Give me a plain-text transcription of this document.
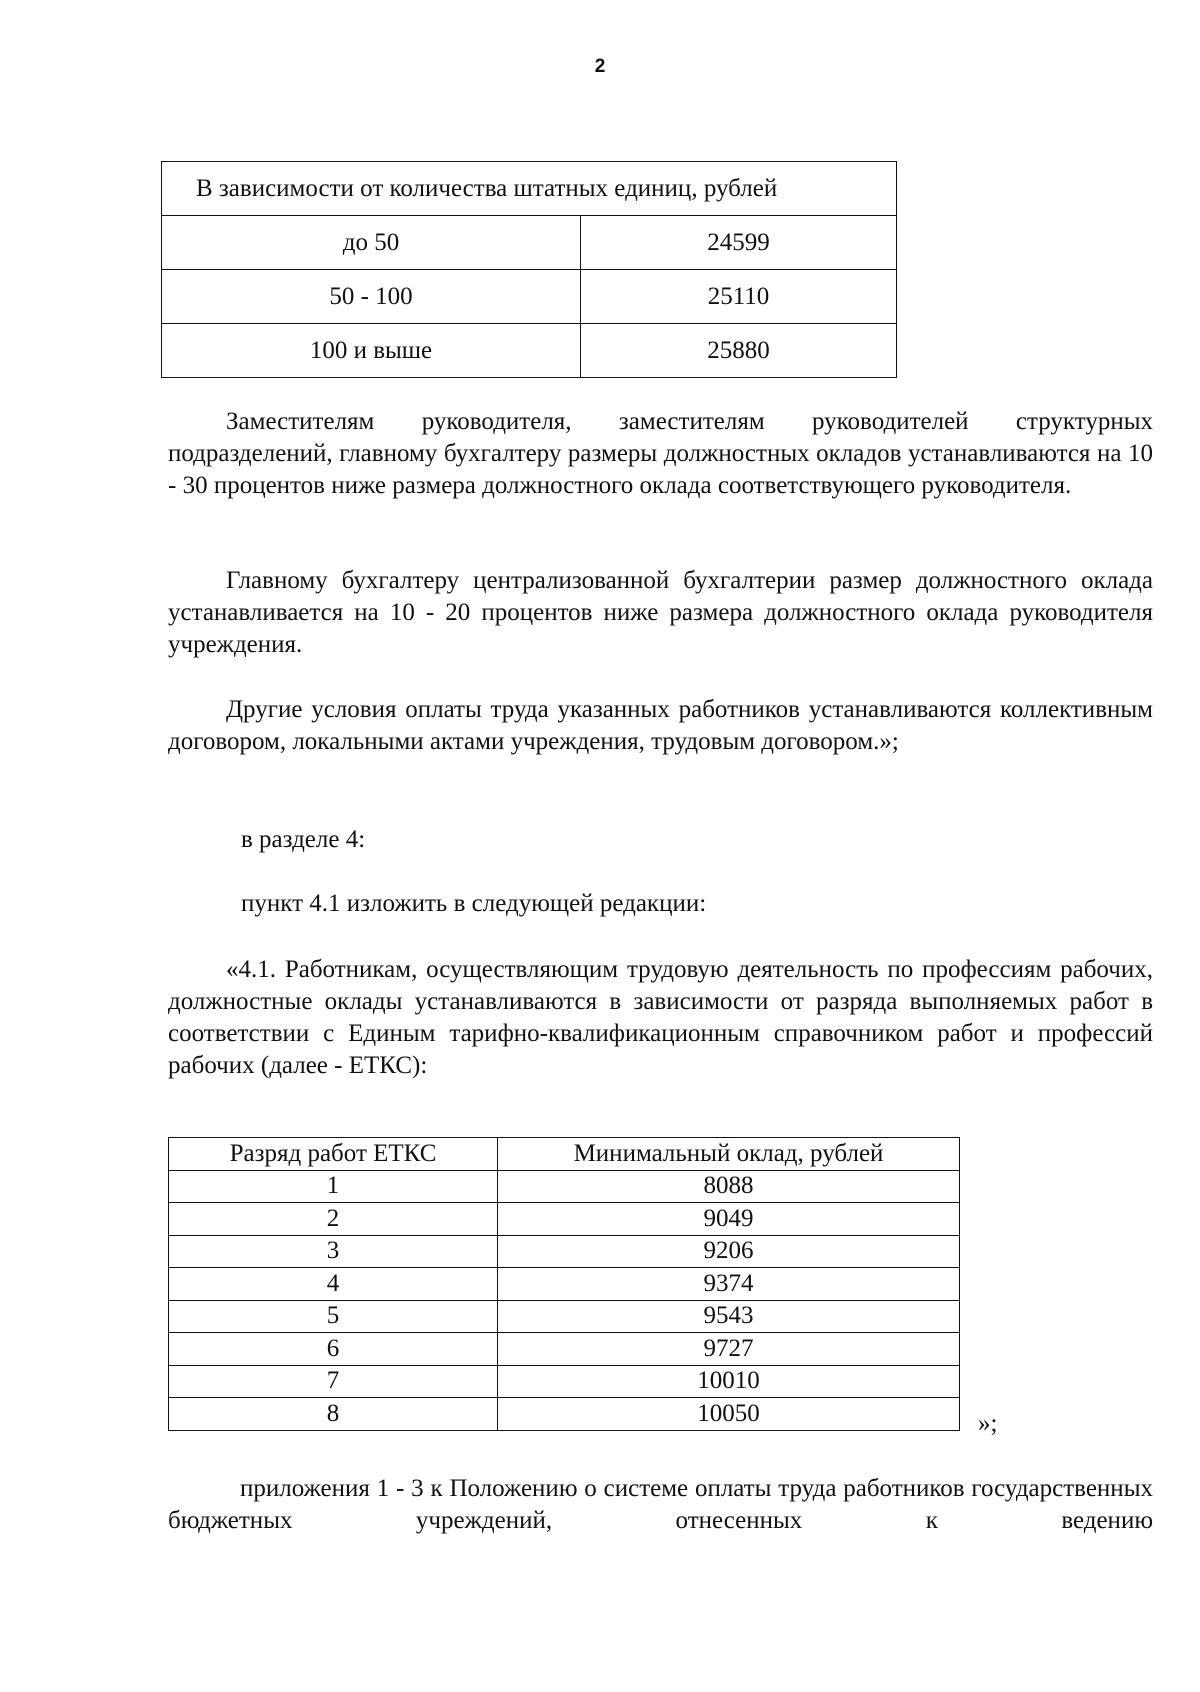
2
В зависимости от количества штатных единиц, рублей	
до 50	24599
50 - 100	25110
100 и выше	25880
Заместителям руководителя, заместителям руководителей структурных подразделений, главному бухгалтеру размеры должностных окладов устанавливаются на 10 - 30 процентов ниже размера должностного оклада соответствующего руководителя.
Главному бухгалтеру централизованной бухгалтерии размер должностного оклада устанавливается на 10 - 20 процентов ниже размера должностного оклада руководителя учреждения.
Другие условия оплаты труда указанных работников устанавливаются коллективным договором, локальными актами учреждения, трудовым договором.»;
в разделе 4:
пункт 4.1 изложить в следующей редакции:
«4.1. Работникам, осуществляющим трудовую деятельность по профессиям рабочих, должностные оклады устанавливаются в зависимости от разряда выполняемых работ в соответствии с Единым тарифно-квалификационным справочником работ и профессий рабочих (далее - ЕТКС):
Разряд работ ЕТКС	Минимальный оклад, рублей
1	8088
2	9049
3	9206
4	9374
5	9543
6	9727
7	10010
8	10050	»;
приложения 1 - 3 к Положению о системе оплаты труда работников государственных бюджетных учреждений, отнесенных к ведению
